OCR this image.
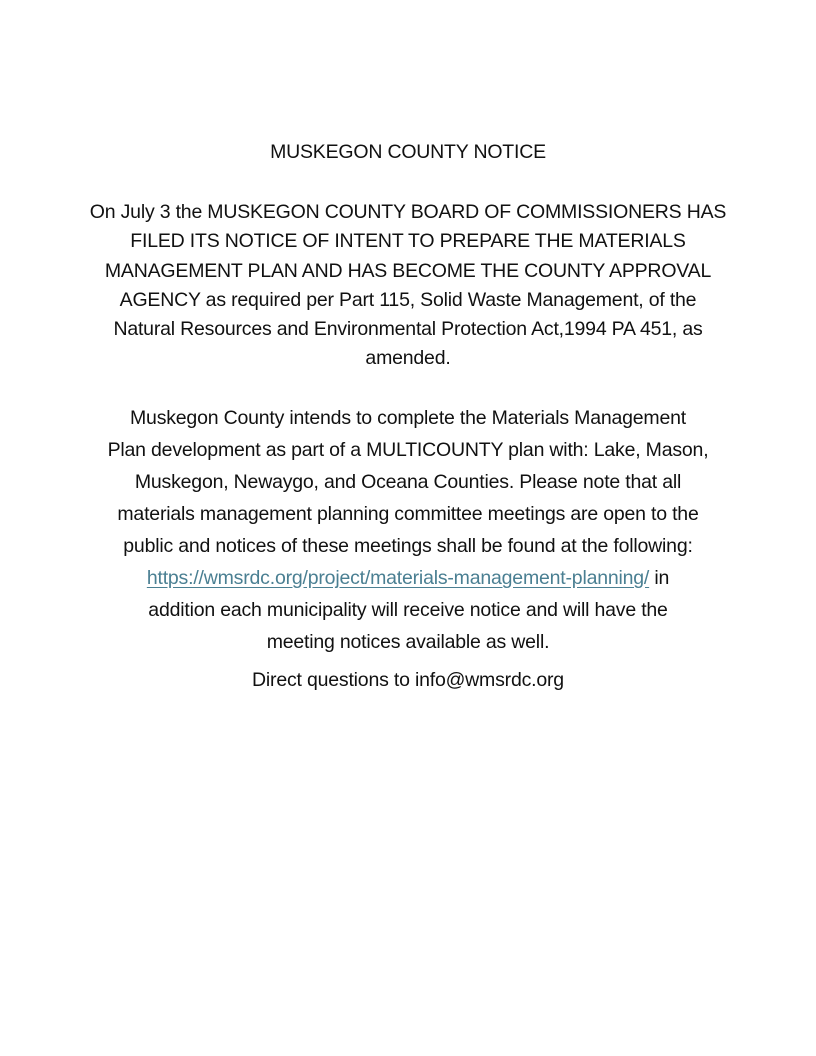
MUSKEGON COUNTY NOTICE
On July 3 the MUSKEGON COUNTY BOARD OF COMMISSIONERS HAS
FILED ITS NOTICE OF INTENT TO PREPARE THE MATERIALS
MANAGEMENT PLAN AND HAS BECOME THE COUNTY APPROVAL
AGENCY as required per Part 115, Solid Waste Management, of the
Natural Resources and Environmental Protection Act,1994 PA 451, as
amended.
Muskegon County intends to complete the Materials Management
Plan development as part of a MULTICOUNTY plan with: Lake, Mason,
Muskegon, Newaygo, and Oceana Counties. Please note that all
materials management planning committee meetings are open to the
public and notices of these meetings shall be found at the following:
https://wmsrdc.org/project/materials-management-planning/ in
addition each municipality will receive notice and will have the
meeting notices available as well.
Direct questions to info@wmsrdc.org
